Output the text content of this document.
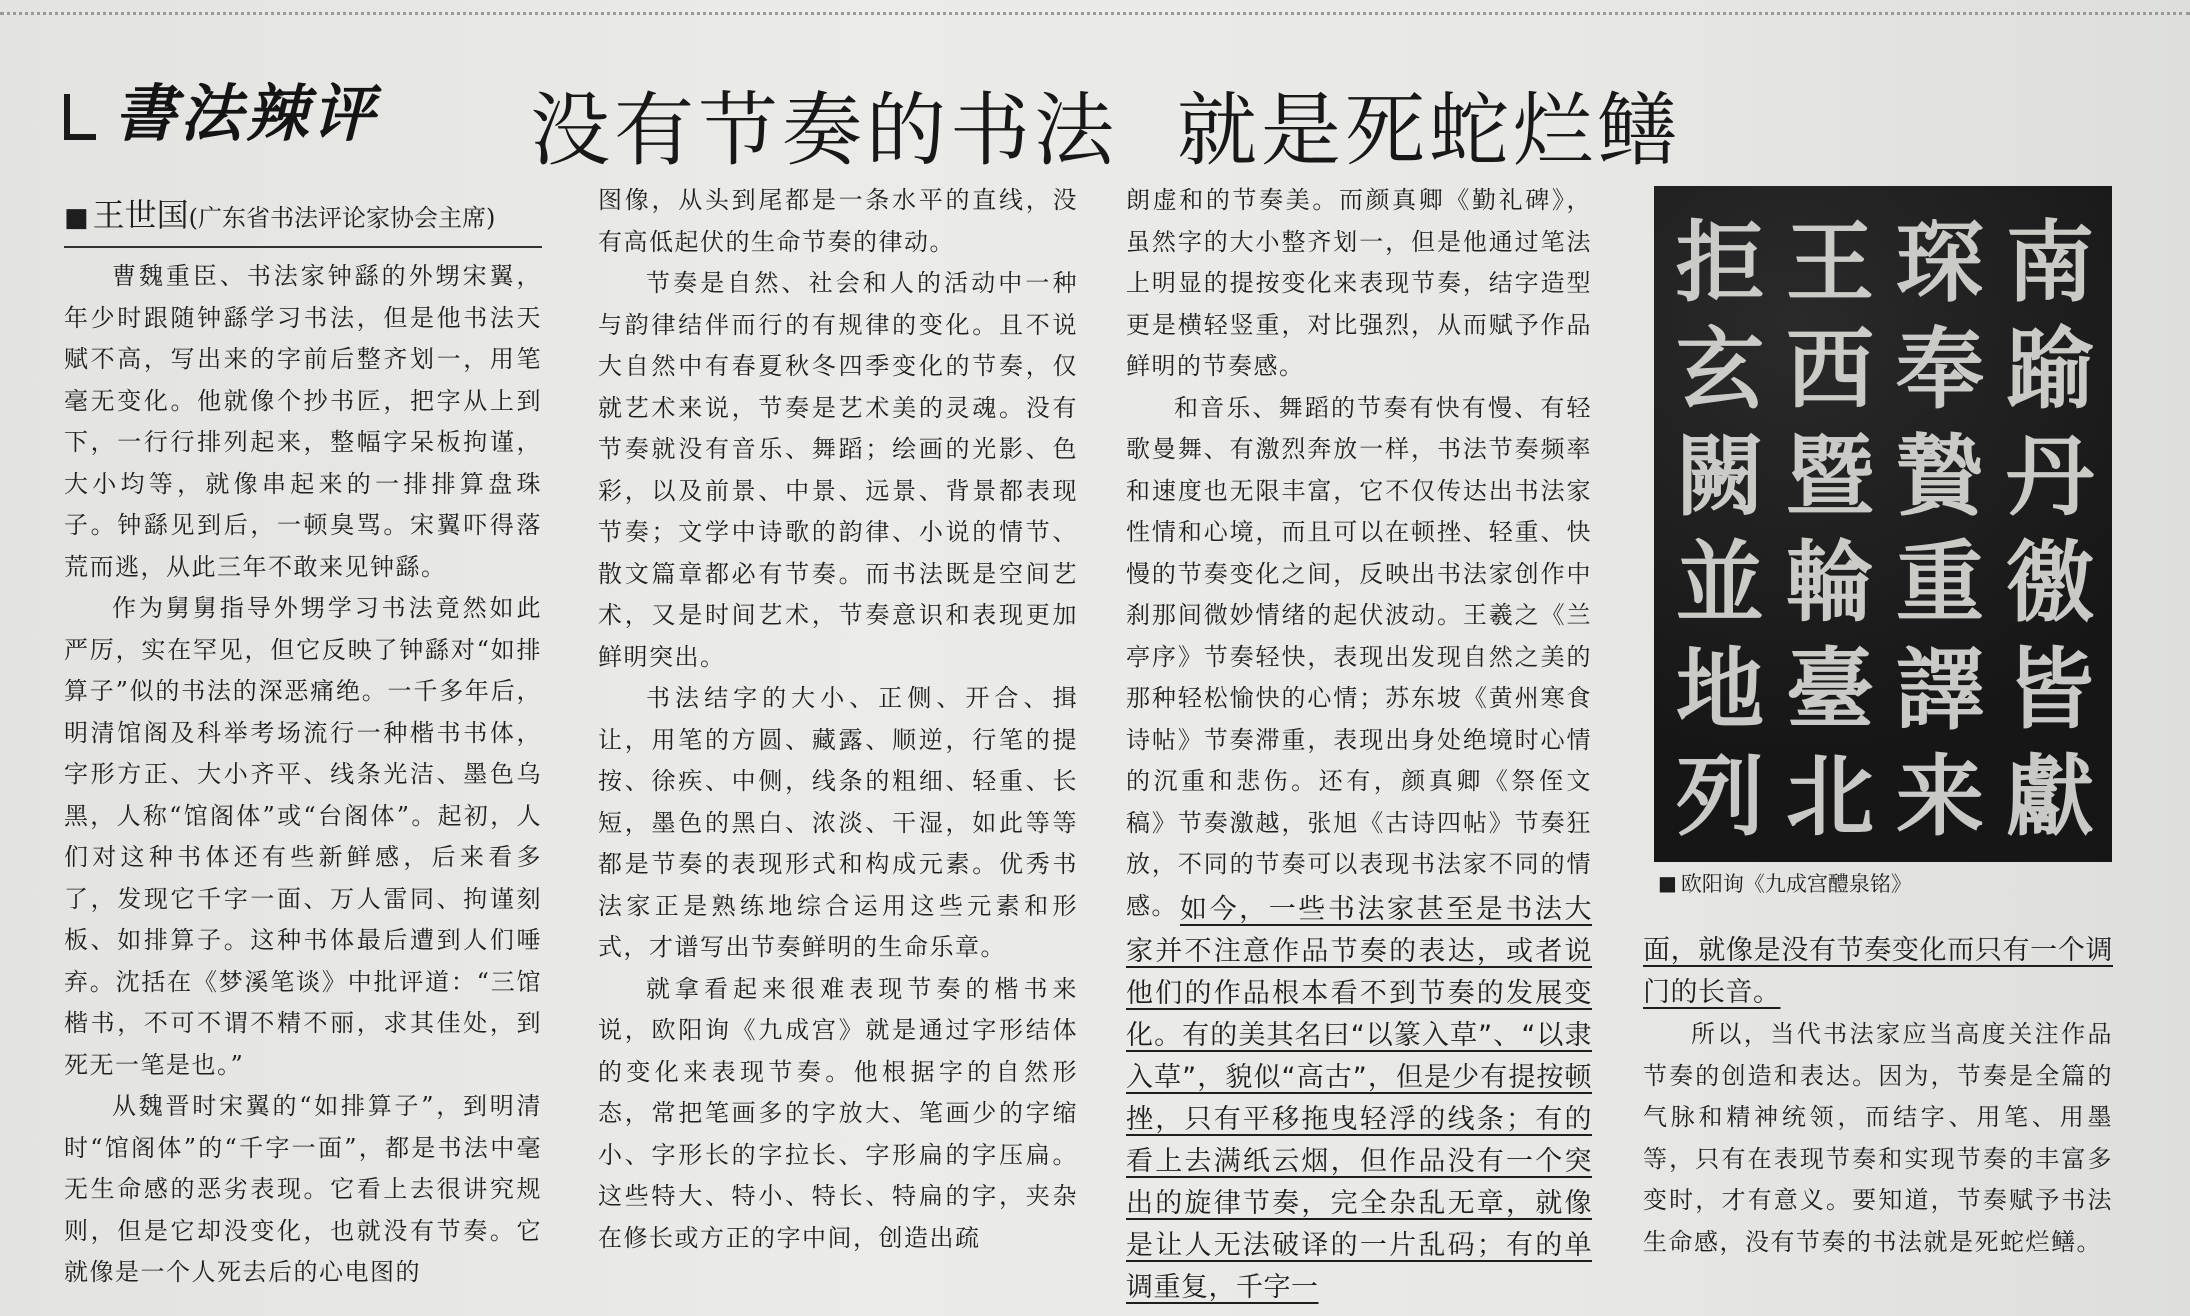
書法辣评 没有节奏的书法  就是死蛇烂鳝
■ 王世国 (广东省书法评论家协会主席)

曹魏重臣、书法家钟繇的外甥宋翼，年少时跟随钟繇学习书法，但是他书法天赋不高，写出来的字前后整齐划一，用笔毫无变化。他就像个抄书匠，把字从上到下，一行行排列起来，整幅字呆板拘谨，大小均等，就像串起来的一排排算盘珠子。钟繇见到后，一顿臭骂。宋翼吓得落荒而逃，从此三年不敢来见钟繇。

作为舅舅指导外甥学习书法竟然如此严厉，实在罕见，但它反映了钟繇对“如排算子”似的书法的深恶痛绝。一千多年后，明清馆阁及科举考场流行一种楷书书体，字形方正、大小齐平、线条光洁、墨色乌黑，人称“馆阁体”或“台阁体”。起初，人们对这种书体还有些新鲜感，后来看多了，发现它千字一面、万人雷同、拘谨刻板、如排算子。这种书体最后遭到人们唾弃。沈括在《梦溪笔谈》中批评道：“三馆楷书，不可不谓不精不丽，求其佳处，到死无一笔是也。”

从魏晋时宋翼的“如排算子”，到明清时“馆阁体”的“千字一面”，都是书法中毫无生命感的恶劣表现。它看上去很讲究规则，但是它却没变化，也就没有节奏。它就像是一个人死去后的心电图的

图像，从头到尾都是一条水平的直线，没有高低起伏的生命节奏的律动。

节奏是自然、社会和人的活动中一种与韵律结伴而行的有规律的变化。且不说大自然中有春夏秋冬四季变化的节奏，仅就艺术来说，节奏是艺术美的灵魂。没有节奏就没有音乐、舞蹈；绘画的光影、色彩，以及前景、中景、远景、背景都表现节奏；文学中诗歌的韵律、小说的情节、散文篇章都必有节奏。而书法既是空间艺术，又是时间艺术，节奏意识和表现更加鲜明突出。

书法结字的大小、正侧、开合、揖让，用笔的方圆、藏露、顺逆，行笔的提按、徐疾、中侧，线条的粗细、轻重、长短，墨色的黑白、浓淡、干湿，如此等等都是节奏的表现形式和构成元素。优秀书法家正是熟练地综合运用这些元素和形式，才谱写出节奏鲜明的生命乐章。

就拿看起来很难表现节奏的楷书来说，欧阳询《九成宫》就是通过字形结体的变化来表现节奏。他根据字的自然形态，常把笔画多的字放大、笔画少的字缩小、字形长的字拉长、字形扁的字压扁。这些特大、特小、特长、特扁的字，夹杂在修长或方正的字中间，创造出疏

朗虚和的节奏美。而颜真卿《勤礼碑》，虽然字的大小整齐划一，但是他通过笔法上明显的提按变化来表现节奏，结字造型更是横轻竖重，对比强烈，从而赋予作品鲜明的节奏感。

和音乐、舞蹈的节奏有快有慢、有轻歌曼舞、有激烈奔放一样，书法节奏频率和速度也无限丰富，它不仅传达出书法家性情和心境，而且可以在顿挫、轻重、快慢的节奏变化之间，反映出书法家创作中刹那间微妙情绪的起伏波动。王羲之《兰亭序》节奏轻快，表现出发现自然之美的那种轻松愉快的心情；苏东坡《黄州寒食诗帖》节奏滞重，表现出身处绝境时心情的沉重和悲伤。还有，颜真卿《祭侄文稿》节奏激越，张旭《古诗四帖》节奏狂放，不同的节奏可以表现书法家不同的情感。 如今，一些书法家甚至是书法大家并不注意作品节奏的表达，或者说他们的作品根本看不到节奏的发展变化。有的美其名曰“以篆入草”、“以隶入草”，貌似“高古”，但是少有提按顿挫，只有平移拖曳轻浮的线条；有的看上去满纸云烟，但作品没有一个突出的旋律节奏，完全杂乱无章，就像是让人无法破译的一片乱码；有的单调重复，千字一

南
踰
丹
徼
皆
獻
琛
奉
贄
重
譯
来
王
西
暨
輪
臺
北
拒
玄
闕
並
地
列
■ 欧阳询《九成宫醴泉铭》

面，就像是没有节奏变化而只有一个调门的长音。

所以，当代书法家应当高度关注作品节奏的创造和表达。因为，节奏是全篇的气脉和精神统领，而结字、用笔、用墨等，只有在表现节奏和实现节奏的丰富多变时，才有意义。要知道，节奏赋予书法生命感，没有节奏的书法就是死蛇烂鳝。
